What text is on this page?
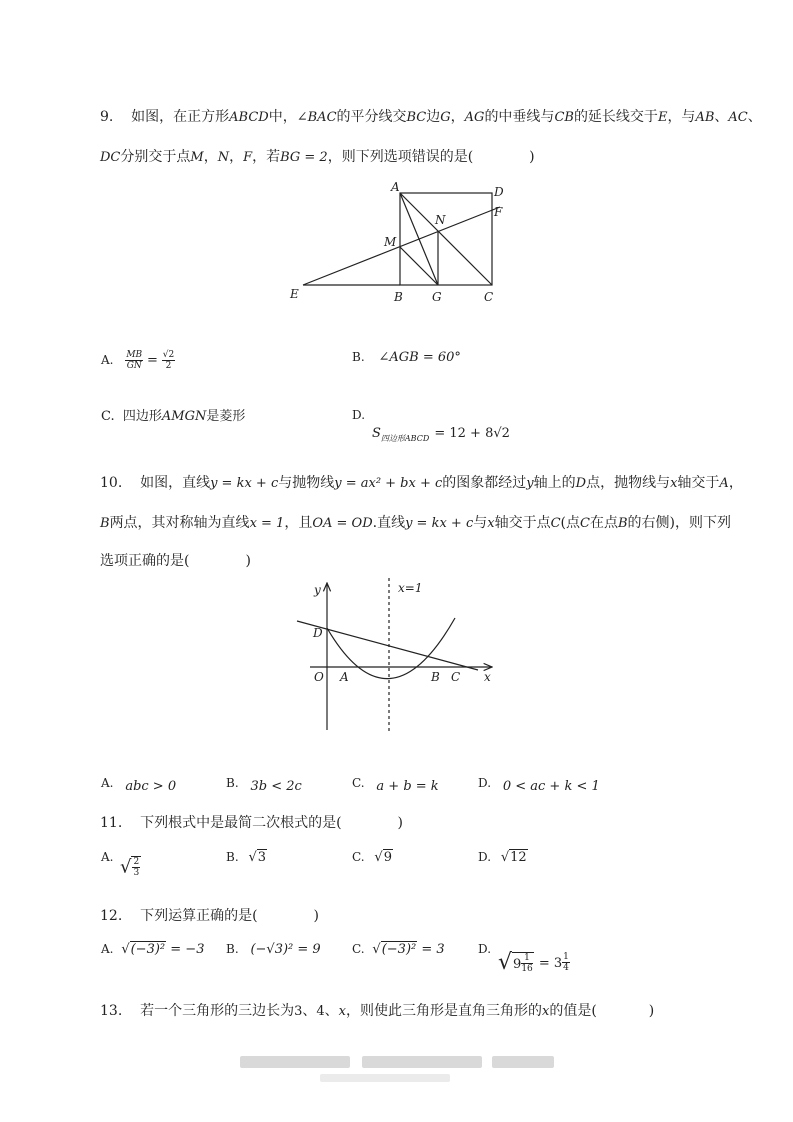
9. 如图，在正方形ABCD中，∠BAC的平分线交BC边G，AG的中垂线与CB的延长线交于E，与AB、AC、
DC分别交于点M，N，F，若BG = 2，则下列选项错误的是(	)
A	D
F
N
M
E	B G	C
A. $\frac{MB}{GN} = \frac{√2}{2}$	B. ∠AGB = 60°
C. 四边形AMGN是菱形	D.
$S_{四边形ABCD} = 12 + 8√2$
10. 如图，直线y = kx + c与抛物线y = ax² + bx + c的图象都经过y轴上的D点，抛物线与x轴交于A，
B两点，其对称轴为直线x = 1，且OA = OD.直线y = kx + c与x轴交于点C(点C在点B的右侧)，则下列
选项正确的是(	)
y
x
x=1
D
O A	B C
A. abc > 0	B. 3b < 2c	C. a + b = k	D. 0 < ac + k < 1
11. 下列根式中是最简二次根式的是(	)
A. √ $\frac{2}{3}$	B. √3	C. √9	D. √12
12. 下列运算正确的是(	)
A. √(−3)² = −3 B. (−√3)² = 9	C. √(−3)² = 3	D.
$√9 \frac{1}{16} = 3 \frac{1}{4}$
13. 若一个三角形的三边长为3、4、x，则使此三角形是直角三角形的x的值是(	)
